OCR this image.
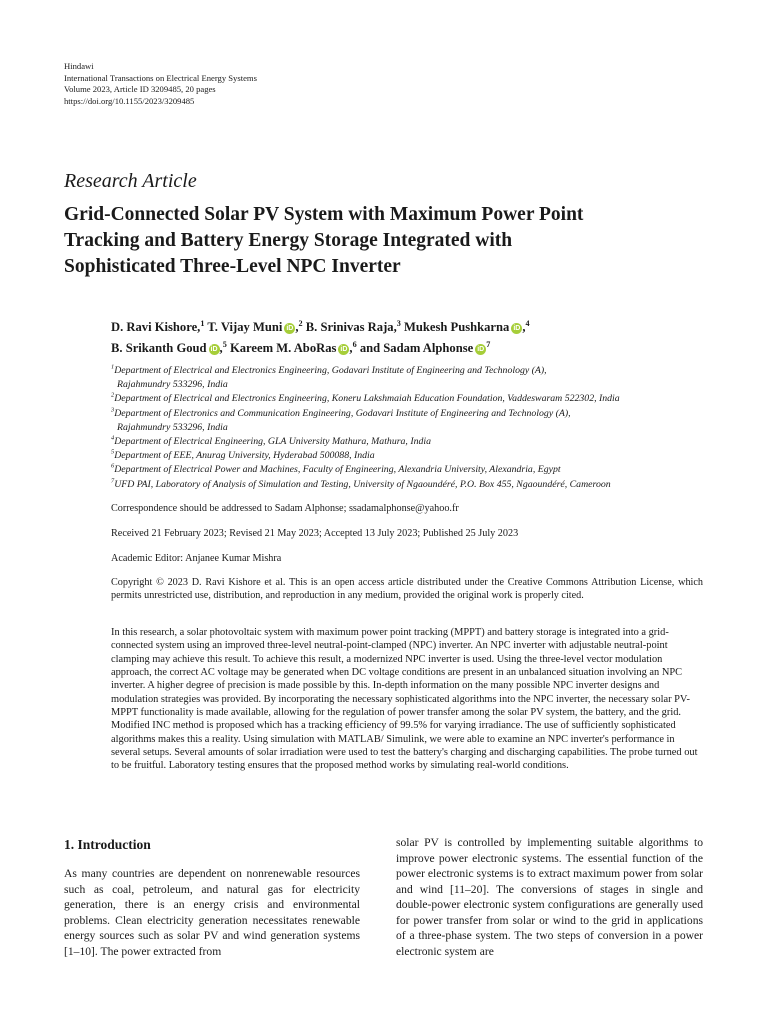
Hindawi
International Transactions on Electrical Energy Systems
Volume 2023, Article ID 3209485, 20 pages
https://doi.org/10.1155/2023/3209485
Research Article
Grid-Connected Solar PV System with Maximum Power Point
Tracking and Battery Energy Storage Integrated with
Sophisticated Three-Level NPC Inverter
D. Ravi Kishore,$^1$ T. Vijay Muni iD ,$^2$ B. Srinivas Raja,$^3$ Mukesh Pushkarna iD ,$^4$
B. Srikanth Goud iD ,$^5$ Kareem M. AboRas iD ,$^6$ and Sadam Alphonse $iD^7$
$^1$Department of Electrical and Electronics Engineering, Godavari Institute of Engineering and Technology (A),
Rajahmundry 533296, India
$^2$Department of Electrical and Electronics Engineering, Koneru Lakshmaiah Education Foundation, Vaddeswaram 522302, India
$^3$Department of Electronics and Communication Engineering, Godavari Institute of Engineering and Technology (A),
Rajahmundry 533296, India
$^4$Department of Electrical Engineering, GLA University Mathura, Mathura, India
$^5$Department of EEE, Anurag University, Hyderabad 500088, India
$^6$Department of Electrical Power and Machines, Faculty of Engineering, Alexandria University, Alexandria, Egypt
$^7$UFD PAI, Laboratory of Analysis of Simulation and Testing, University of Ngaoundéré, P.O. Box 455, Ngaoundéré, Cameroon
Correspondence should be addressed to Sadam Alphonse; ssadamalphonse@yahoo.fr
Received 21 February 2023; Revised 21 May 2023; Accepted 13 July 2023; Published 25 July 2023
Academic Editor: Anjanee Kumar Mishra
Copyright © 2023 D. Ravi Kishore et al. This is an open access article distributed under the Creative Commons Attribution License, which permits unrestricted use, distribution, and reproduction in any medium, provided the original work is properly cited.
In this research, a solar photovoltaic system with maximum power point tracking (MPPT) and battery storage is integrated into a grid-connected system using an improved three-level neutral-point-clamped (NPC) inverter. An NPC inverter with adjustable neutral-point clamping may achieve this result. To achieve this result, a modernized NPC inverter is used. Using the three-level vector modulation approach, the correct AC voltage may be generated when DC voltage conditions are present in an unbalanced situation involving an NPC inverter. A higher degree of precision is made possible by this. In-depth information on the many possible NPC inverter designs and modulation strategies was provided. By incorporating the necessary sophisticated algorithms into the NPC inverter, the necessary solar PV-MPPT functionality is made available, allowing for the regulation of power transfer among the solar PV system, the battery, and the grid. Modified INC method is proposed which has a tracking efficiency of 99.5% for varying irradiance. The use of sufficiently sophisticated algorithms makes this a reality. Using simulation with MATLAB/ Simulink, we were able to examine an NPC inverter's performance in several setups. Several amounts of solar irradiation were used to test the battery's charging and discharging capabilities. The probe turned out to be fruitful. Laboratory testing ensures that the proposed method works by simulating real-world conditions.
1. Introduction
As many countries are dependent on nonrenewable resources such as coal, petroleum, and natural gas for electricity generation, there is an energy crisis and environmental problems. Clean electricity generation necessitates renewable energy sources such as solar PV and wind generation systems [1–10]. The power extracted from
solar PV is controlled by implementing suitable algorithms to improve power electronic systems. The essential function of the power electronic systems is to extract maximum power from solar and wind [11–20]. The conversions of stages in single and double-power electronic system configurations are generally used for power transfer from solar or wind to the grid in applications of a three-phase system. The two steps of conversion in a power electronic system are
